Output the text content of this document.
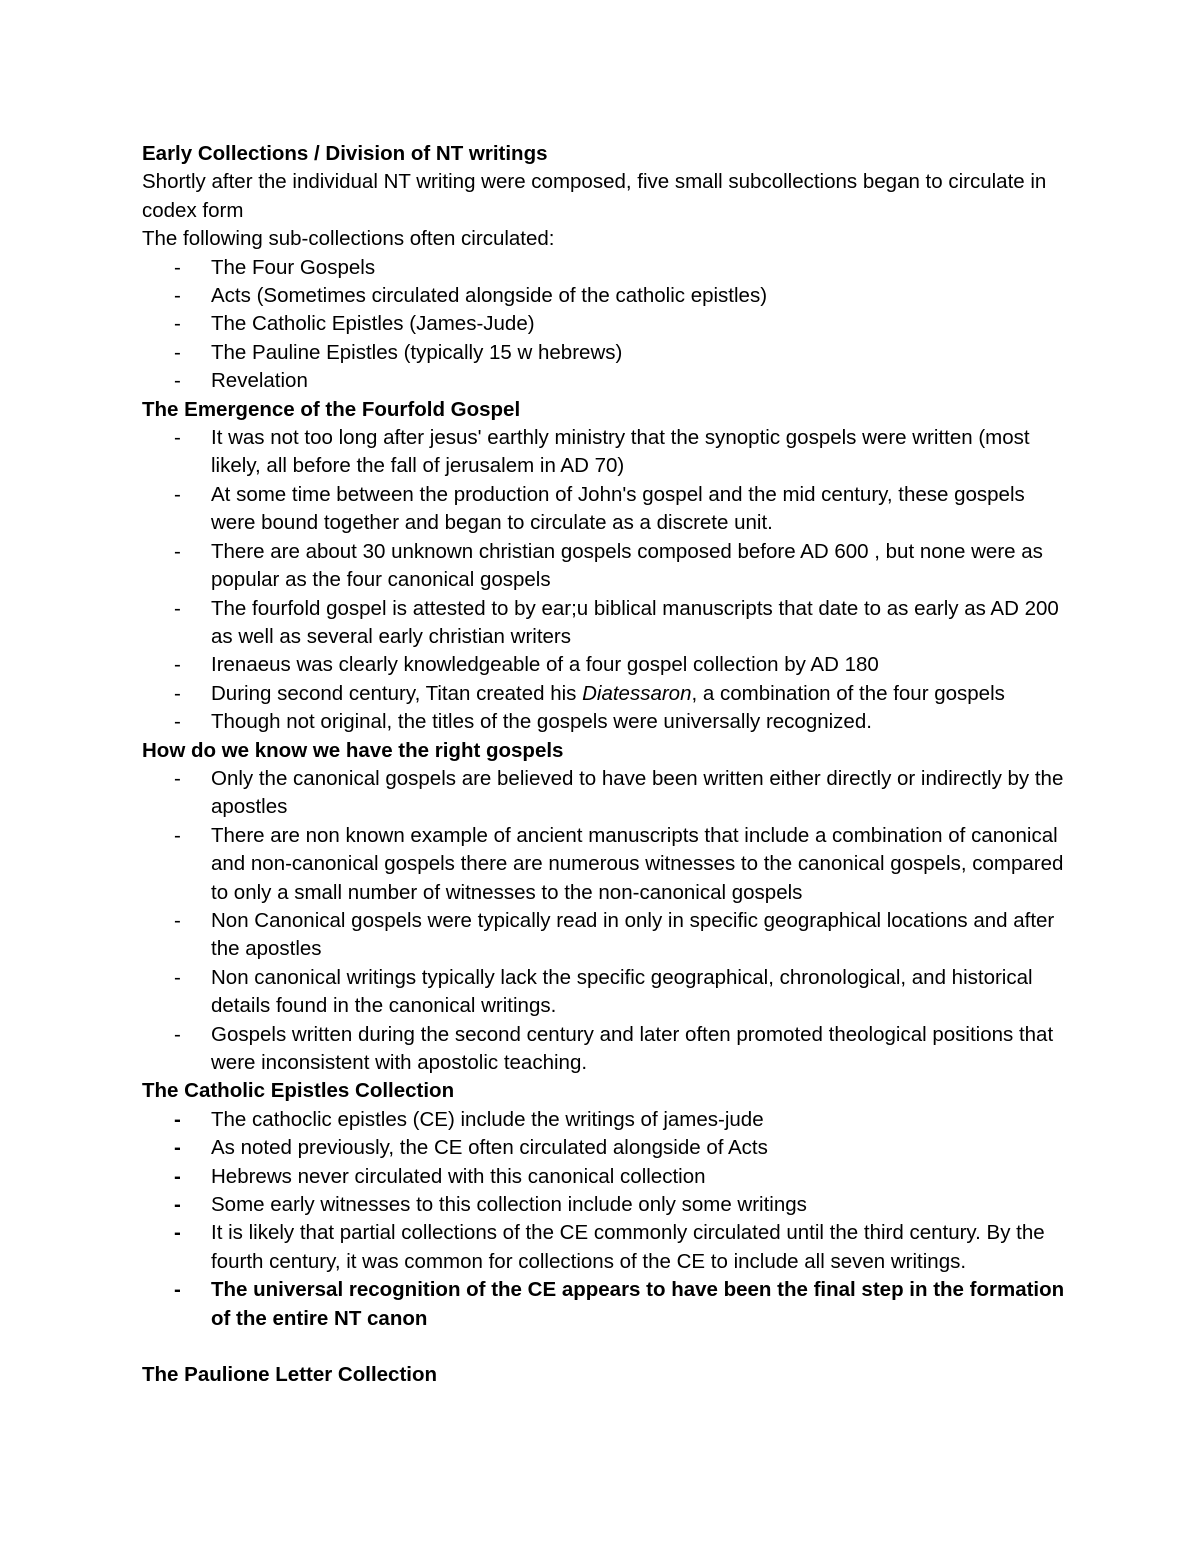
Early Collections / Division of NT writings

Shortly after the individual NT writing were composed, five small subcollections began to circulate in codex form

The following sub-collections often circulated:

- The Four Gospels
- Acts (Sometimes circulated alongside of the catholic epistles)
- The Catholic Epistles (James-Jude)
- The Pauline Epistles (typically 15 w hebrews)
- Revelation

The Emergence of the Fourfold Gospel

- It was not too long after jesus' earthly ministry that the synoptic gospels were written (most likely, all before the fall of jerusalem in AD 70)
- At some time between the production of John's gospel and the mid century, these gospels were bound together and began to circulate as a discrete unit.
- There are about 30 unknown christian gospels composed before AD 600 , but none were as popular as the four canonical gospels
- The fourfold gospel is attested to by ear;u biblical manuscripts that date to as early as AD 200 as well as several early christian writers
- Irenaeus was clearly knowledgeable of a four gospel collection by AD 180
- During second century, Titan created his Diatessaron, a combination of the four gospels
- Though not original, the titles of the gospels were universally recognized.

How do we know we have the right gospels

- Only the canonical gospels are believed to have been written either directly or indirectly by the apostles
- There are non known example of ancient manuscripts that include a combination of canonical and non-canonical gospels there are numerous witnesses to the canonical gospels, compared to only a small number of witnesses to the non-canonical gospels
- Non Canonical gospels were typically read in only in specific geographical locations and after the apostles
- Non canonical writings typically lack the specific geographical, chronological, and historical details found in the canonical writings.
- Gospels written during the second century and later often promoted theological positions that were inconsistent with apostolic teaching.

The Catholic Epistles Collection

- The cathoclic epistles (CE) include the writings of james-jude
- As noted previously, the CE often circulated alongside of Acts
- Hebrews never circulated with this canonical collection
- Some early witnesses to this collection include only some writings
- It is likely that partial collections of the CE commonly circulated until the third century. By the fourth century, it was common for collections of the CE to include all seven writings.
- The universal recognition of the CE appears to have been the final step in the formation of the entire NT canon

The Paulione Letter Collection
